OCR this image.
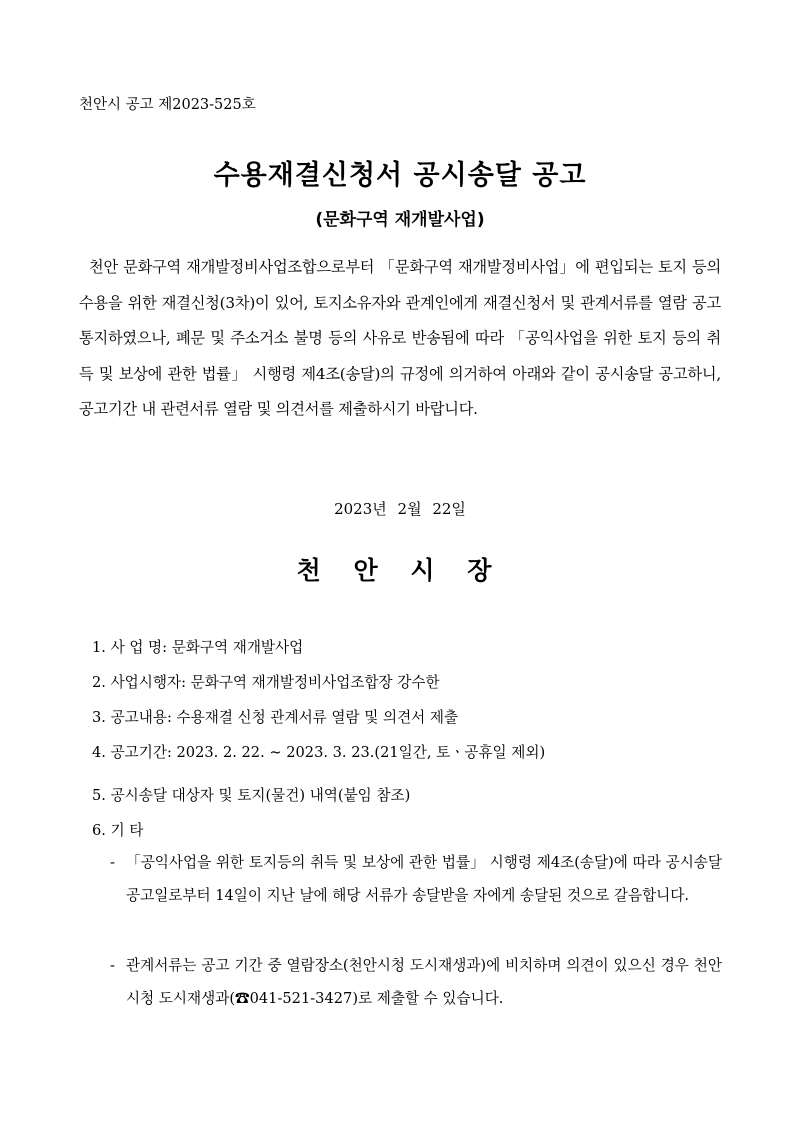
천안시 공고 제2023-525호
수용재결신청서 공시송달 공고
(문화구역 재개발사업)
천안 문화구역 재개발정비사업조합으로부터 「문화구역 재개발정비사업」에 편입되는 토지 등의 수용을 위한 재결신청(3차)이 있어, 토지소유자와 관계인에게 재결신청서 및 관계서류를 열람 공고 통지하였으나, 폐문 및 주소거소 불명 등의 사유로 반송됨에 따라 「공익사업을 위한 토지 등의 취득 및 보상에 관한 법률」 시행령 제4조(송달)의 규정에 의거하여 아래와 같이 공시송달 공고하니, 공고기간 내 관련서류 열람 및 의견서를 제출하시기 바랍니다.
2023년 2월 22일
천 안 시 장
1. 사 업 명: 문화구역 재개발사업
2. 사업시행자: 문화구역 재개발정비사업조합장 강수한
3. 공고내용: 수용재결 신청 관계서류 열람 및 의견서 제출
4. 공고기간: 2023. 2. 22. ~ 2023. 3. 23.(21일간, 토ㆍ공휴일 제외)
5. 공시송달 대상자 및 토지(물건) 내역(붙임 참조)
6. 기 타
- 「공익사업을 위한 토지등의 취득 및 보상에 관한 법률」 시행령 제4조(송달)에 따라 공시송달 공고일로부터 14일이 지난 날에 해당 서류가 송달받을 자에게 송달된 것으로 갈음합니다.
- 관계서류는 공고 기간 중 열람장소(천안시청 도시재생과)에 비치하며 의견이 있으신 경우 천안시청 도시재생과(☎041-521-3427)로 제출할 수 있습니다.
